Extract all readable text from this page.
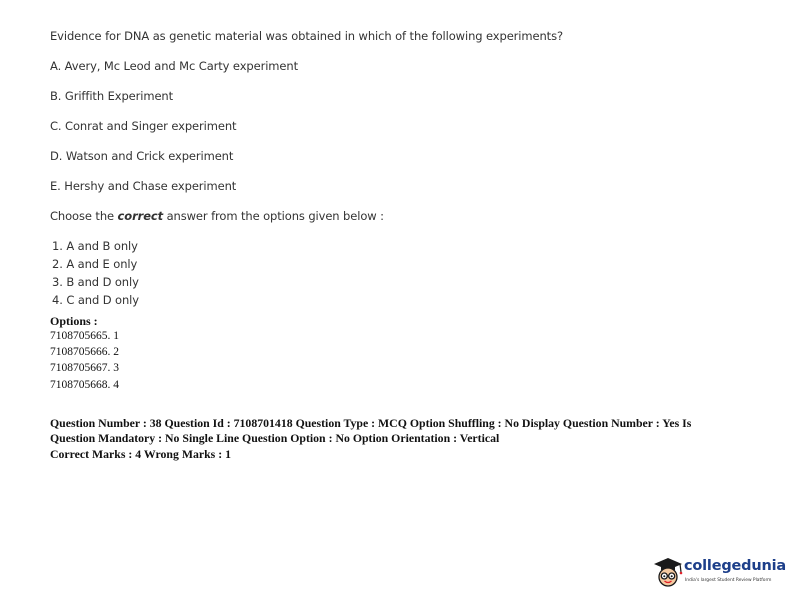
Evidence for DNA as genetic material was obtained in which of the following experiments?
A. Avery, Mc Leod and Mc Carty experiment
B. Griffith Experiment
C. Conrat and Singer experiment
D. Watson and Crick experiment
E. Hershy and Chase experiment
Choose the correct answer from the options given below :
1. A and B only
2. A and E only
3. B and D only
4. C and D only
Options :
7108705665. 1
7108705666. 2
7108705667. 3
7108705668. 4
Question Number : 38 Question Id : 7108701418 Question Type : MCQ Option Shuffling : No Display Question Number : Yes Is
Question Mandatory : No Single Line Question Option : No Option Orientation : Vertical
Correct Marks : 4 Wrong Marks : 1
collegedunia
India's largest Student Review Platform
